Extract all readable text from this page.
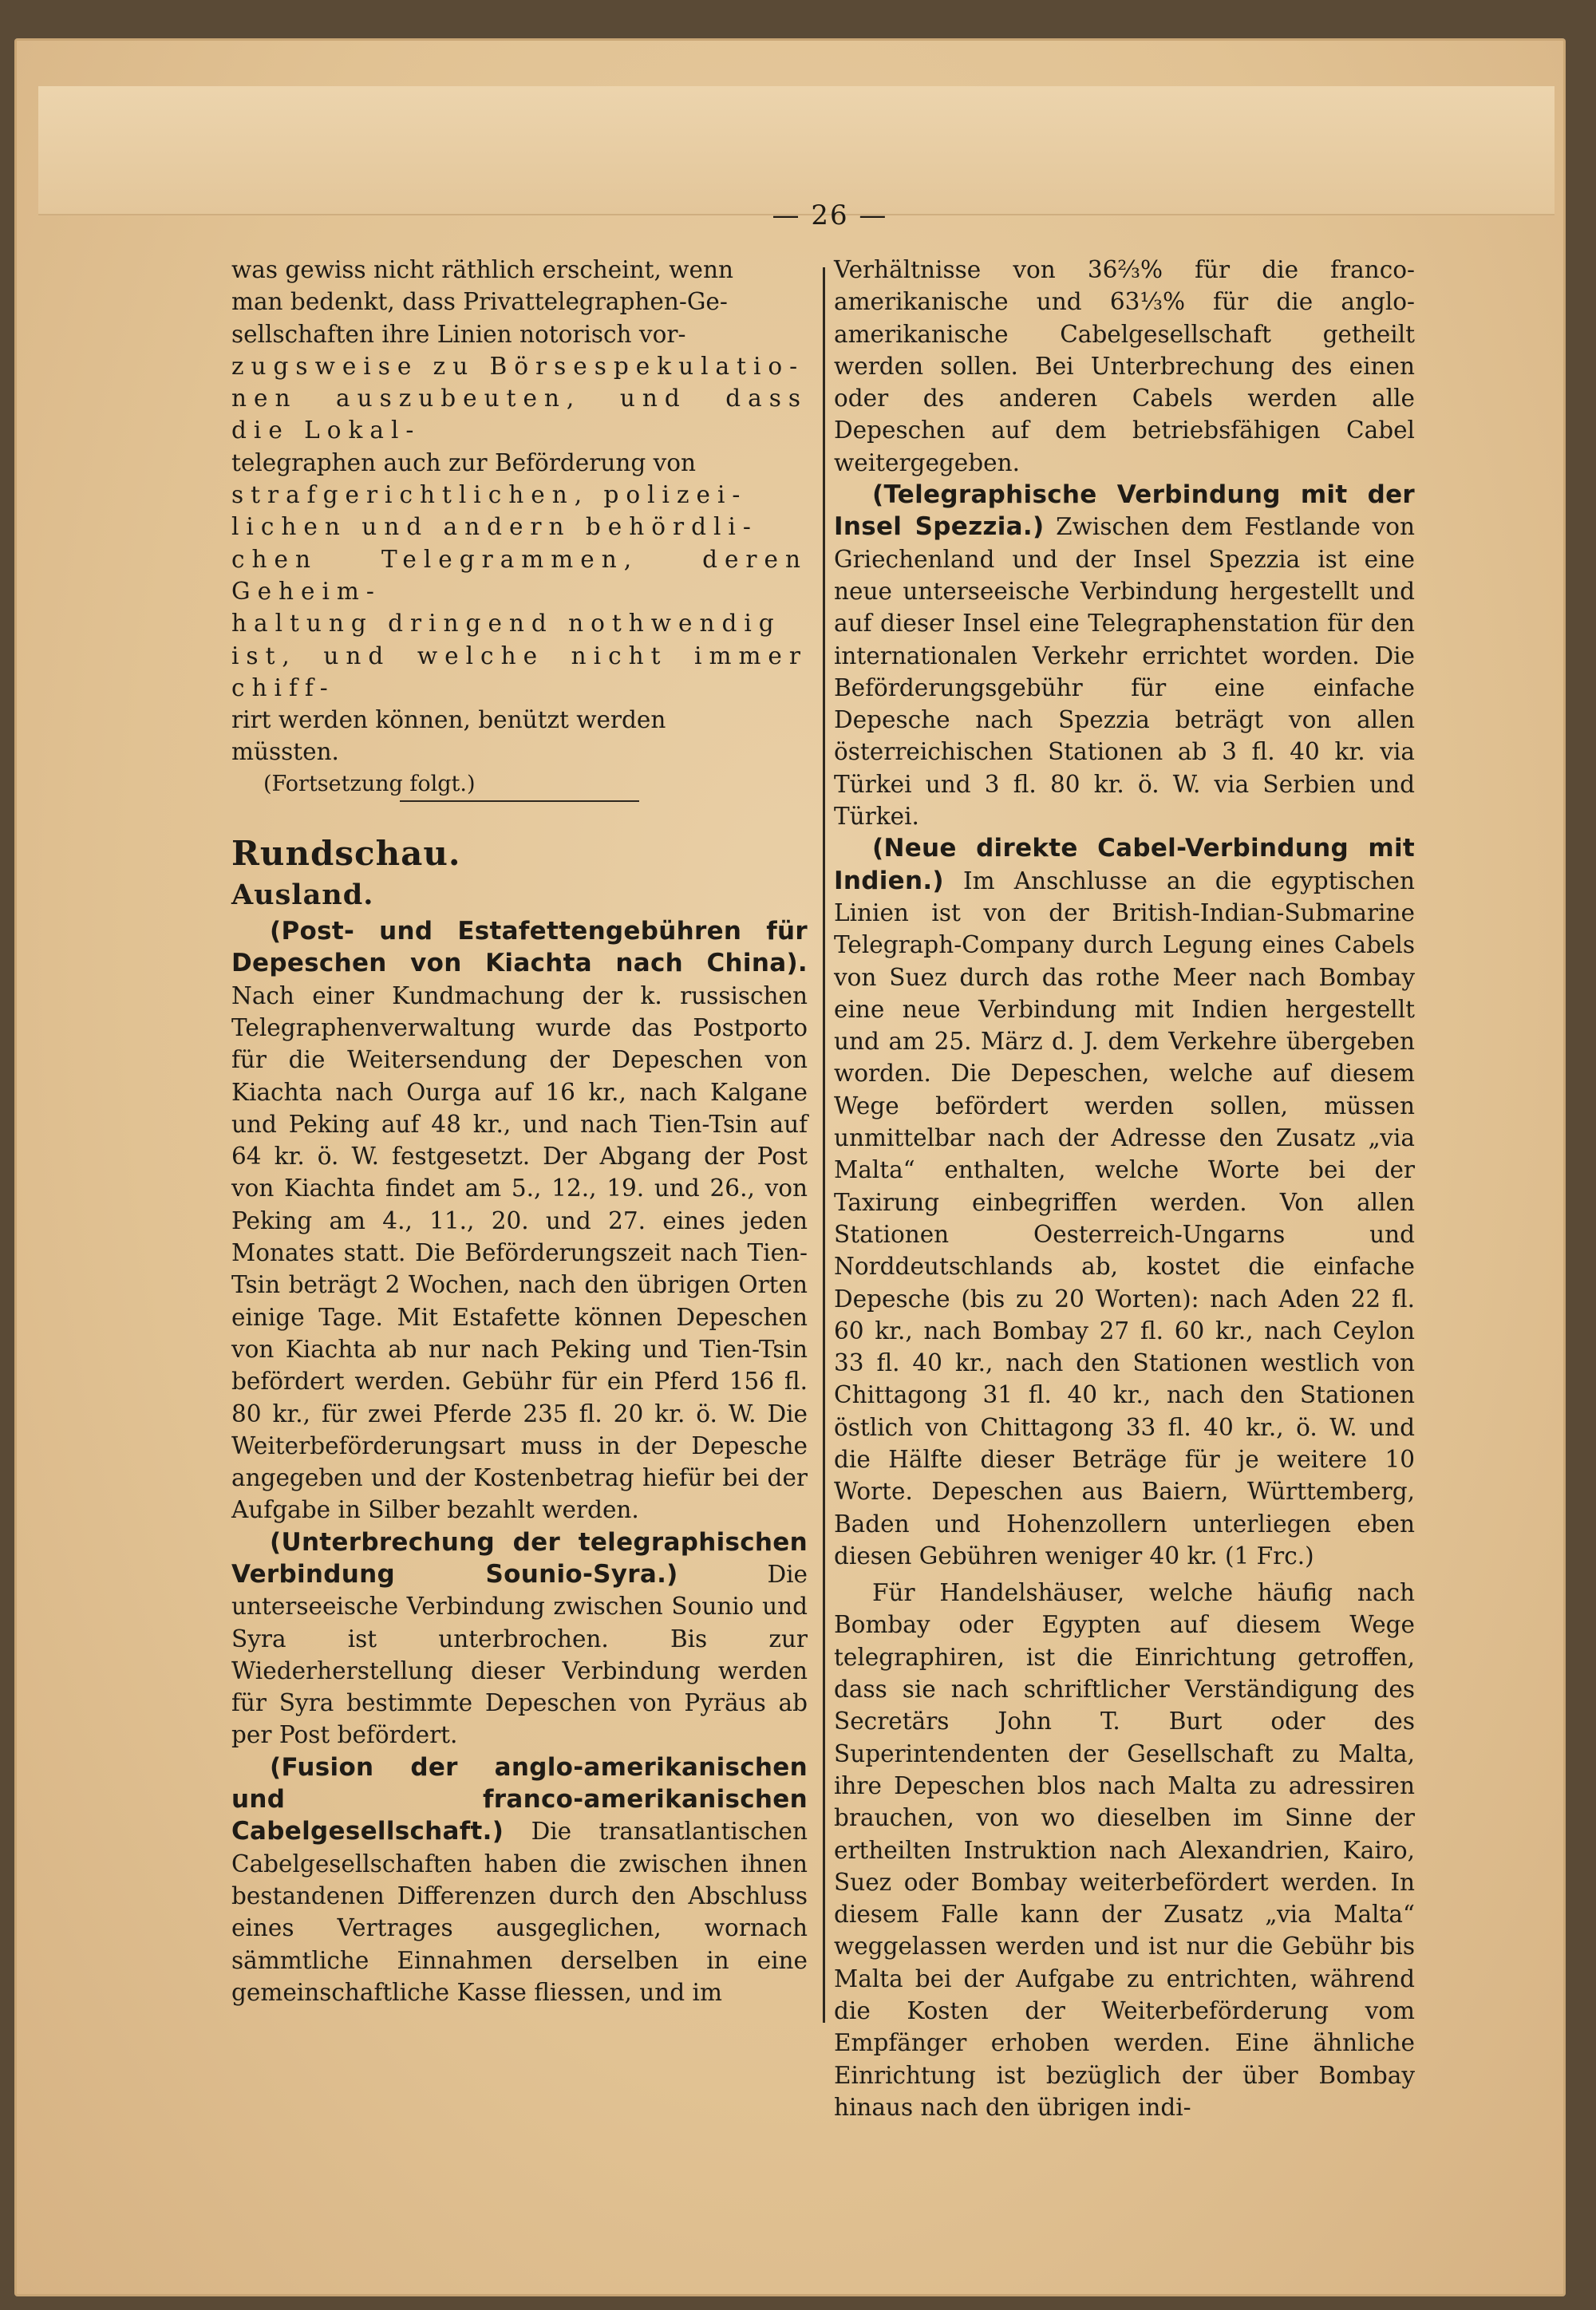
— 26 —

was gewiss nicht räthlich erscheint, wenn

man bedenkt, dass Privattelegraphen-Ge-

sellschaften ihre Linien notorisch vor-

zugsweise zu Börsespekulatio-

nen auszubeuten, und dass die Lokal-

telegraphen auch zur Beförderung von

strafgerichtlichen, polizei-

lichen und andern behördli-

chen Telegrammen, deren Geheim-

haltung dringend nothwendig

ist, und welche nicht immer chiff-

rirt werden können, benützt werden

müssten.

(Fortsetzung folgt.)

Rundschau.

Ausland.

(Post- und Estafettengebühren für Depeschen von Kiachta nach China). Nach einer Kundmachung der k. russischen Telegraphenverwaltung wurde das Postporto für die Weitersendung der Depeschen von Kiachta nach Ourga auf 16 kr., nach Kalgane und Peking auf 48 kr., und nach Tien-Tsin auf 64 kr. ö. W. festgesetzt. Der Abgang der Post von Kiachta findet am 5., 12., 19. und 26., von Peking am 4., 11., 20. und 27. eines jeden Monates statt. Die Beförderungszeit nach Tien-Tsin beträgt 2 Wochen, nach den übrigen Orten einige Tage. Mit Estafette können Depeschen von Kiachta ab nur nach Peking und Tien-Tsin befördert werden. Gebühr für ein Pferd 156 fl. 80 kr., für zwei Pferde 235 fl. 20 kr. ö. W. Die Weiterbeförderungsart muss in der Depesche angegeben und der Kostenbetrag hiefür bei der Aufgabe in Silber bezahlt werden.

(Unterbrechung der telegraphischen Verbindung Sounio-Syra.)	Die unterseeische Verbindung zwischen Sounio und Syra ist unterbrochen. Bis zur Wiederherstellung dieser Verbindung werden für Syra bestimmte Depeschen von Pyräus ab per Post befördert.

(Fusion der anglo-amerikanischen und franco-amerikanischen Cabelgesellschaft.) Die transatlantischen Cabelgesellschaften haben die zwischen ihnen bestandenen Differenzen durch den Abschluss eines Vertrages ausgeglichen, wornach sämmtliche Einnahmen derselben in eine gemeinschaftliche Kasse fliessen, und im

Verhältnisse von 36⅔% für die franco-amerikanische und 63⅓% für die anglo-amerikanische Cabelgesellschaft getheilt werden sollen. Bei Unterbrechung des einen oder des anderen Cabels werden alle Depeschen auf dem betriebsfähigen Cabel weitergegeben.

(Telegraphische Verbindung mit der Insel Spezzia.) Zwischen dem Festlande von Griechenland und der Insel Spezzia ist eine neue unterseeische Verbindung hergestellt und auf dieser Insel eine Telegraphenstation für den internationalen Verkehr errichtet worden. Die Beförderungsgebühr für eine einfache Depesche nach Spezzia beträgt von allen österreichischen Stationen ab 3 fl. 40 kr. via Türkei und 3 fl. 80 kr. ö. W. via Serbien und Türkei.

(Neue direkte Cabel-Verbindung mit Indien.) Im Anschlusse an die egyptischen Linien ist von der British-Indian-Submarine Telegraph-Company durch Legung eines Cabels von Suez durch das rothe Meer nach Bombay eine neue Verbindung mit Indien hergestellt und am 25. März d. J. dem Verkehre übergeben worden. Die Depeschen, welche auf diesem Wege befördert werden sollen, müssen unmittelbar nach der Adresse den Zusatz „via Malta“ enthalten, welche Worte bei der Taxirung einbegriffen werden. Von allen Stationen Oesterreich-Ungarns und Norddeutschlands ab, kostet die einfache Depesche (bis zu 20 Worten): nach Aden 22 fl. 60 kr., nach Bombay 27 fl. 60 kr., nach Ceylon 33 fl. 40 kr., nach den Stationen westlich von Chittagong 31 fl. 40 kr., nach den Stationen östlich von Chittagong 33 fl. 40 kr., ö. W. und die Hälfte dieser Beträge für je weitere 10 Worte. Depeschen aus Baiern, Württemberg, Baden und Hohenzollern unterliegen eben diesen Gebühren weniger 40 kr. (1 Frc.)

Für Handelshäuser, welche häufig nach Bombay oder Egypten auf diesem Wege telegraphiren, ist die Einrichtung getroffen, dass sie nach schriftlicher Verständigung des Secretärs John T. Burt oder des Superintendenten der Gesellschaft zu Malta, ihre Depeschen blos nach Malta zu adressiren brauchen, von wo dieselben im Sinne der ertheilten Instruktion nach Alexandrien, Kairo, Suez oder Bombay weiterbefördert werden. In diesem Falle kann der Zusatz „via Malta“ weggelassen werden und ist nur die Gebühr bis Malta bei der Aufgabe zu entrichten, während die Kosten der Weiterbeförderung vom Empfänger erhoben werden. Eine ähnliche Einrichtung ist bezüglich der über Bombay hinaus nach den übrigen indi-
